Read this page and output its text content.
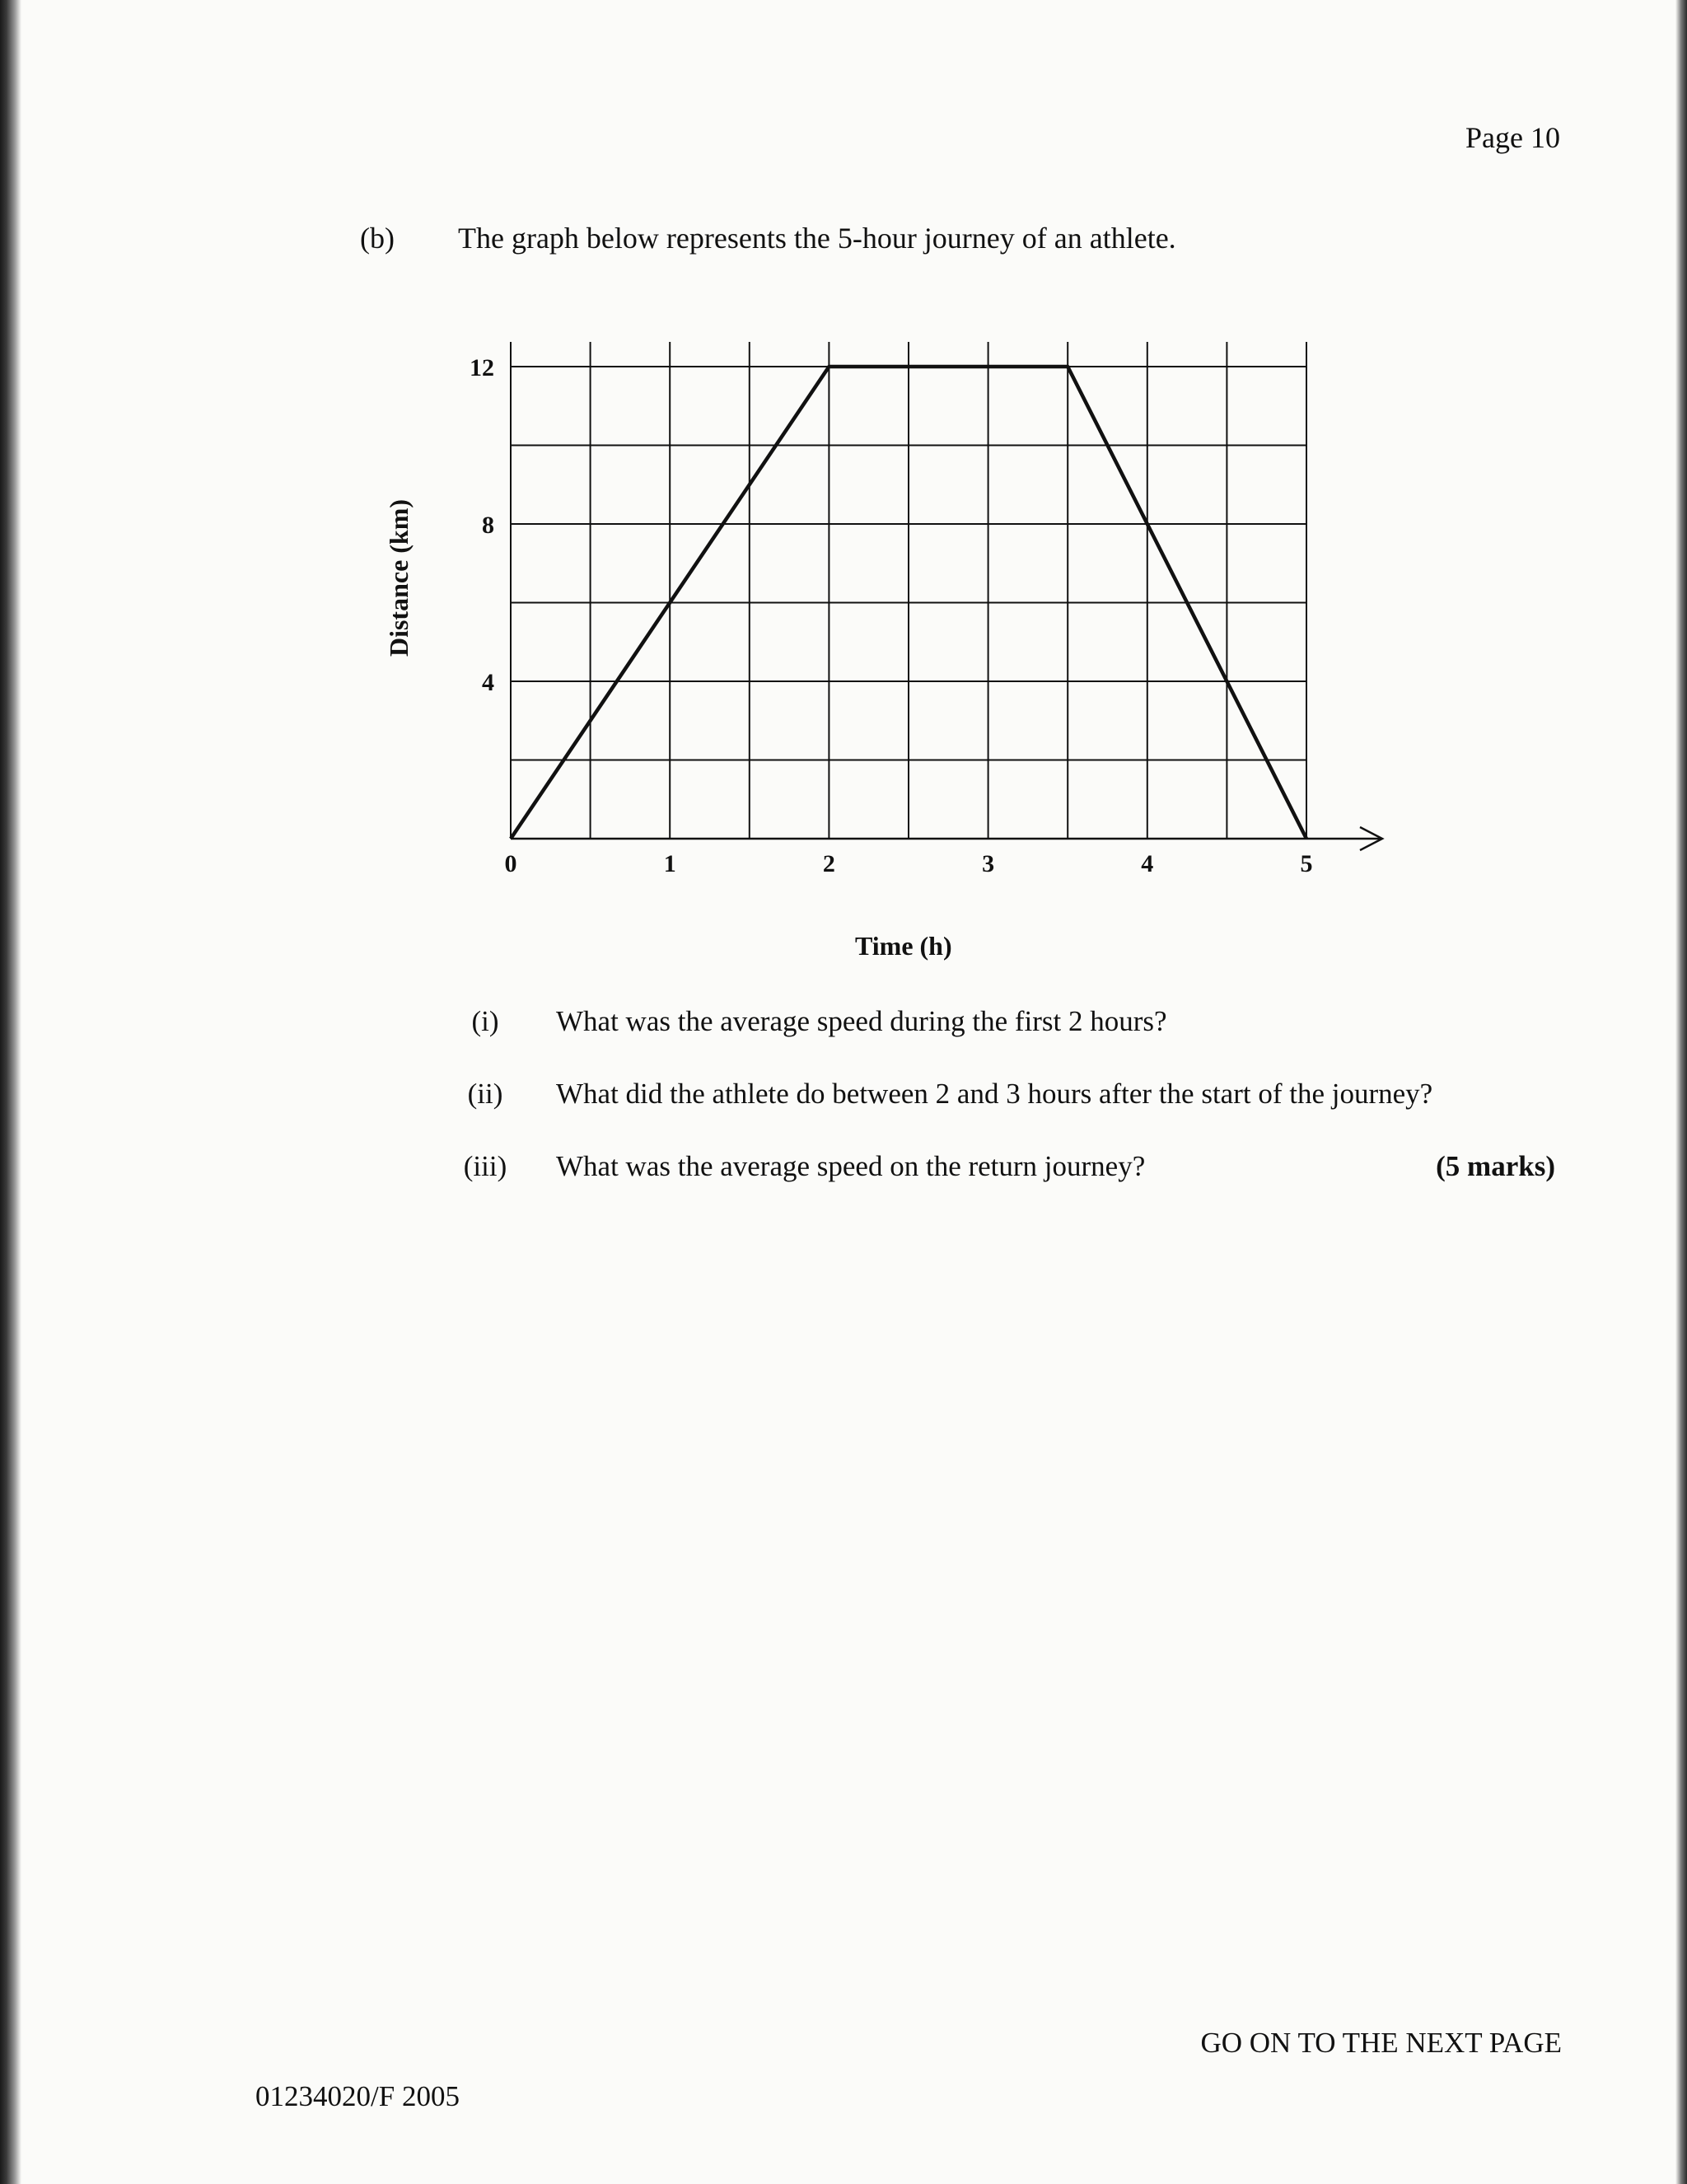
Page 10
(b) The graph below represents the 5-hour journey of an athlete.
4
8
12
0	1	2	3	4	5
Distance (km)
Time (h)
(i)	What was the average speed during the first 2 hours?
(ii)	What did the athlete do between 2 and 3 hours after the start of the journey?
(iii)	What was the average speed on the return journey?	(5 marks)
GO ON TO THE NEXT PAGE
01234020/F 2005
